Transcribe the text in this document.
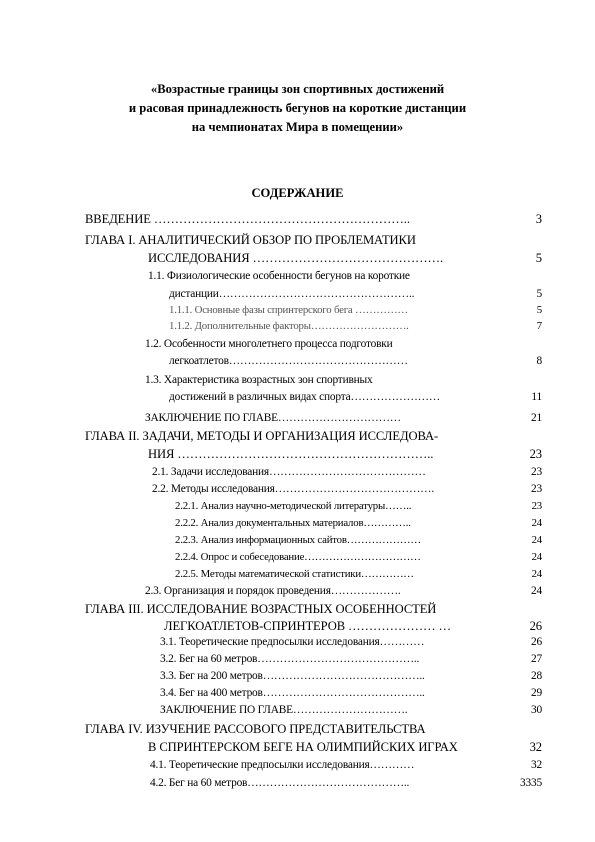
«Возрастные границы зон спортивных достижений
и расовая принадлежность бегунов на короткие дистанции
на чемпионатах Мира в помещении»
СОДЕРЖАНИЕ
ВВЕДЕНИЕ ……………………………………………………..	3
ГЛАВА I. АНАЛИТИЧЕСКИЙ ОБЗОР ПО ПРОБЛЕМАТИКИ
ИССЛЕДОВАНИЯ ……………………………………….	5
1.1. Физиологические особенности бегунов на короткие
дистанции……………………………………………..	5
1.1.1. Основные фазы спринтерского бега ……………	5
1.1.2. Дополнительные факторы……………………….	7
1.2. Особенности многолетнего процесса подготовки
легкоатлетов…………………………………………	8
1.3. Характеристика возрастных зон спортивных
достижений в различных видах спорта……………………	11
ЗАКЛЮЧЕНИЕ ПО ГЛАВЕ……………………………	21
ГЛАВА II. ЗАДАЧИ, МЕТОДЫ И ОРГАНИЗАЦИЯ ИССЛЕДОВА-
НИЯ ……………………………………………………..	23
2.1. Задачи исследования……………………………………	23
2.2. Методы исследования…………………………………….	23
2.2.1. Анализ научно-методической литературы……..	23
2.2.2. Анализ документальных материалов…………..	24
2.2.3. Анализ информационных сайтов…………………	24
2.2.4. Опрос и собеседование……………………………	24
2.2.5. Методы математической статистики……………	24
2.3. Организация и порядок проведения……………….	24
ГЛАВА III. ИССЛЕДОВАНИЕ ВОЗРАСТНЫХ ОСОБЕННОСТЕЙ
ЛЕГКОАТЛЕТОВ-СПРИНТЕРОВ ………………… …	26
3.1. Теоретические предпосылки исследования…………	26
3.2. Бег на 60 метров……………………………………..	27
3.3. Бег на 200 метров……………………………………..	28
3.4. Бег на 400 метров……………………………………..	29
ЗАКЛЮЧЕНИЕ ПО ГЛАВЕ………………………….	30
ГЛАВА IV. ИЗУЧЕНИЕ РАССОВОГО ПРЕДСТАВИТЕЛЬСТВА
В СПРИНТЕРСКОМ БЕГЕ НА ОЛИМПИЙСКИХ ИГРАХ	32
4.1. Теоретические предпосылки исследования…………	32
4.2. Бег на 60 метров……………………………………..	3335
